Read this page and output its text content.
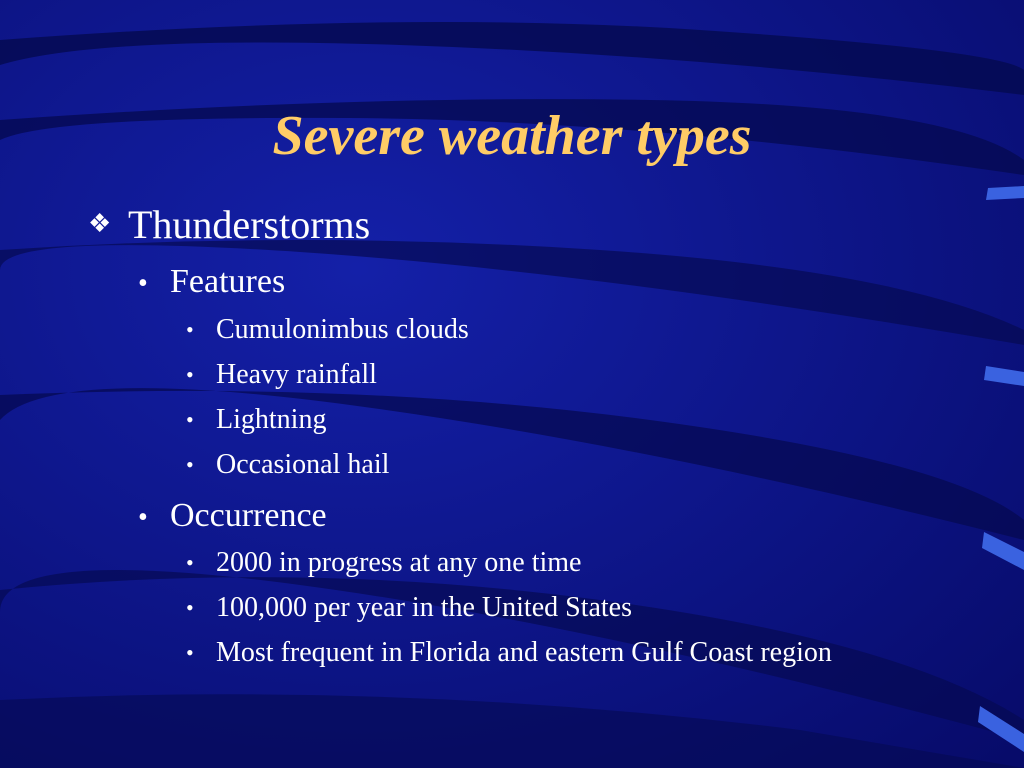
Severe weather types
❖ Thunderstorms
• Features
• Cumulonimbus clouds
• Heavy rainfall
• Lightning
• Occasional hail
• Occurrence
• 2000 in progress at any one time
• 100,000 per year in the United States
• Most frequent in Florida and eastern Gulf Coast region
